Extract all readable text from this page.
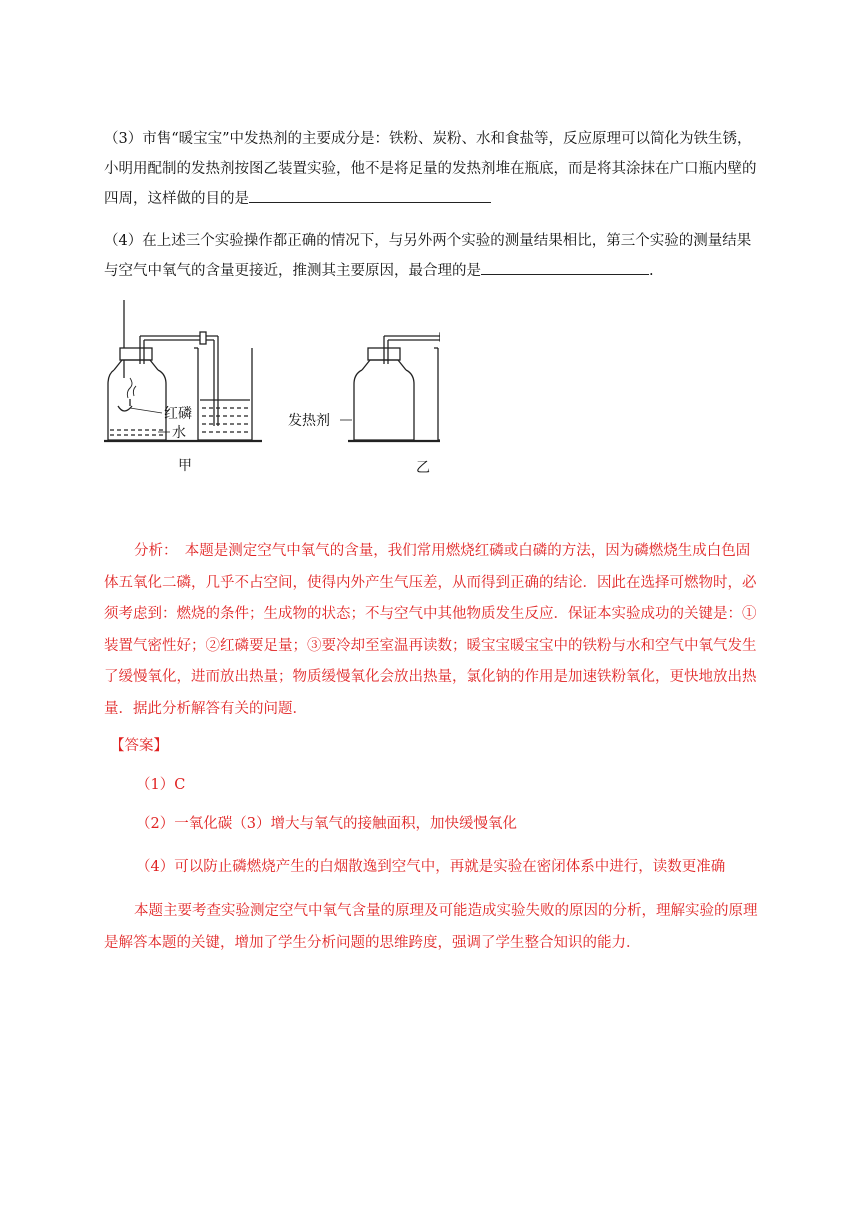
（3）市售“暖宝宝”中发热剂的主要成分是：铁粉、炭粉、水和食盐等，反应原理可以简化为铁生锈，小明用配制的发热剂按图乙装置实验，他不是将足量的发热剂堆在瓶底，而是将其涂抹在广口瓶内壁的四周，这样做的目的是
（4）在上述三个实验操作都正确的情况下，与另外两个实验的测量结果相比，第三个实验的测量结果与空气中氧气的含量更接近，推测其主要原因，最合理的是	.
红磷
水
发热剂
甲	乙
分析：　 本题是测定空气中氧气的含量，我们常用燃烧红磷或白磷的方法，因为磷燃烧生成白色固体五氧化二磷，几乎不占空间，使得内外产生气压差，从而得到正确的结论．因此在选择可燃物时，必须考虑到：燃烧的条件；生成物的状态；不与空气中其他物质发生反应．保证本实验成功的关键是：①装置气密性好；②红磷要足量；③要冷却至室温再读数；暖宝宝暖宝宝中的铁粉与水和空气中氧气发生了缓慢氧化，进而放出热量；物质缓慢氧化会放出热量，氯化钠的作用是加速铁粉氧化，更快地放出热量．据此分析解答有关的问题．
【答案】
（1）C
（2）一氧化碳（3）增大与氧气的接触面积，加快缓慢氧化
（4）可以防止磷燃烧产生的白烟散逸到空气中，再就是实验在密闭体系中进行，读数更准确
本题主要考查实验测定空气中氧气含量的原理及可能造成实验失败的原因的分析，理解实验的原理是解答本题的关键，增加了学生分析问题的思维跨度，强调了学生整合知识的能力．
